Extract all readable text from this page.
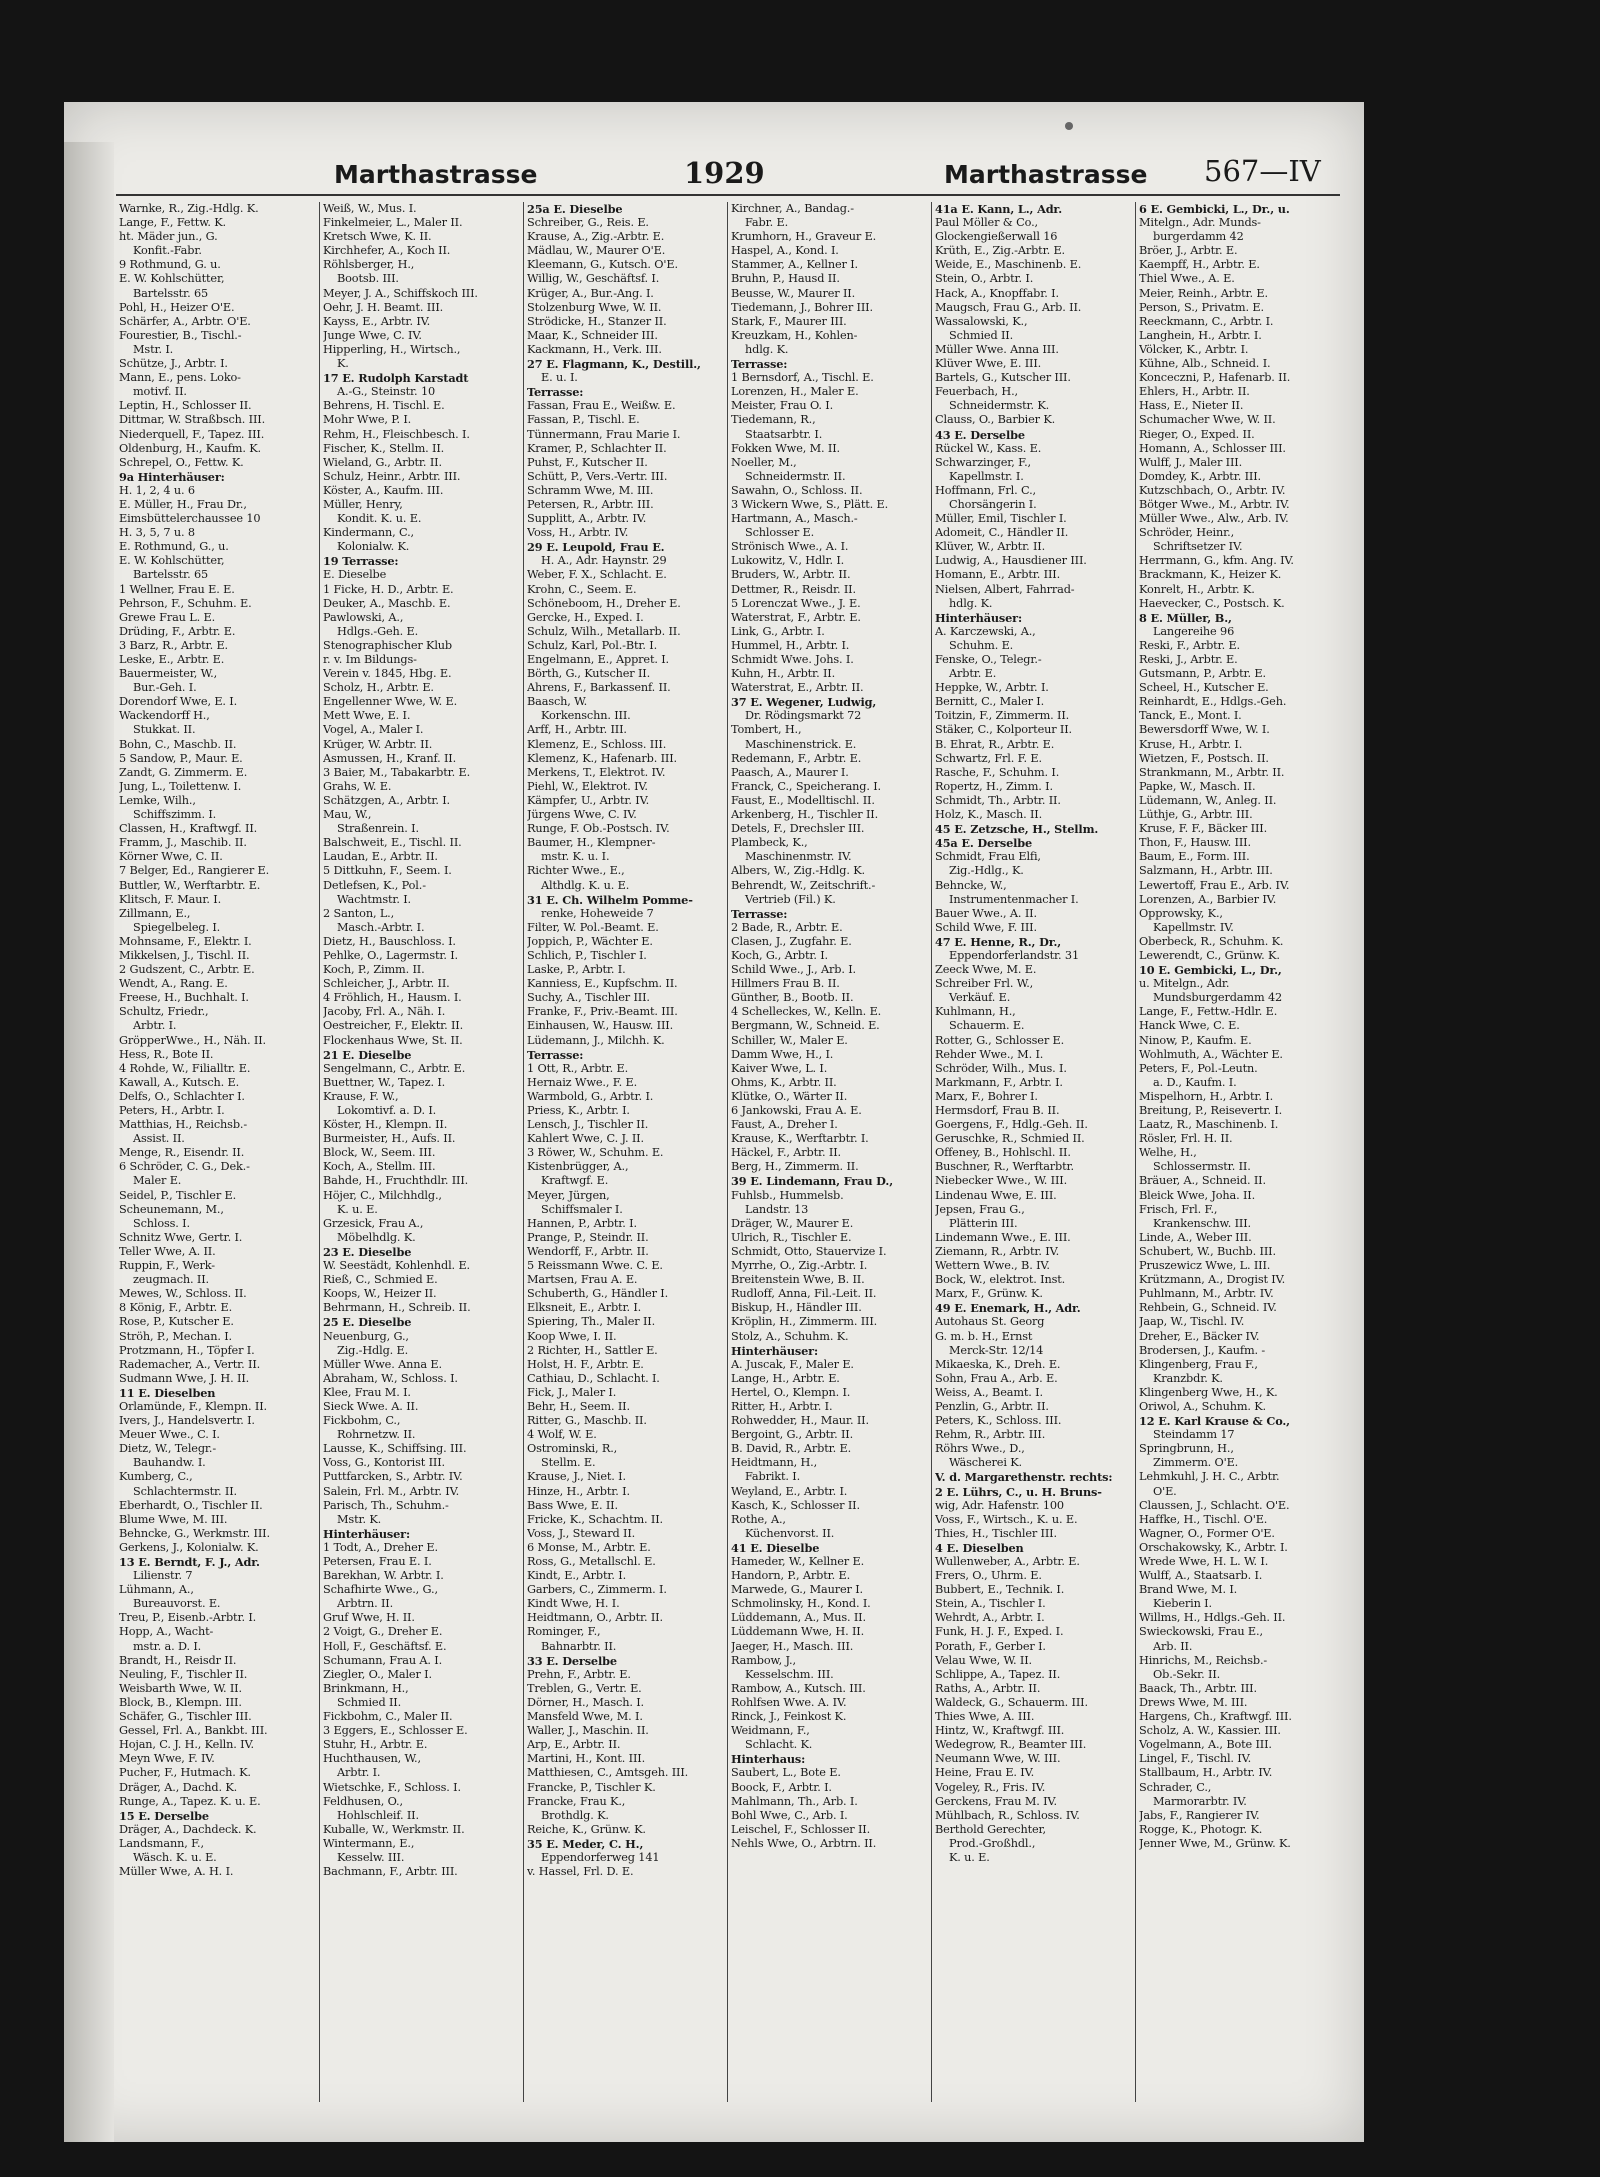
Marthastrasse	1929	Marthastrasse 567—IV
Warnke, R., Zig.-Hdlg. K.
Lange, F., Fettw. K.
ht. Mäder jun., G.
Konfit.-Fabr.
9 Rothmund, G. u.
E. W. Kohlschütter,
Bartelsstr. 65
Pohl, H., Heizer O'E.
Schärfer, A., Arbtr. O'E.
Fourestier, B., Tischl.-
Mstr. I.
Schütze, J., Arbtr. I.
Mann, E., pens. Loko-
motivf. II.
Leptin, H., Schlosser II.
Dittmar, W. Straßbsch. III.
Niederquell, F., Tapez. III.
Oldenburg, H., Kaufm. K.
Schrepel, O., Fettw. K.
9a Hinterhäuser:
H. 1, 2, 4 u. 6
E. Müller, H., Frau Dr.,
Eimsbüttelerchaussee 10
H. 3, 5, 7 u. 8
E. Rothmund, G., u.
E. W. Kohlschütter,
Bartelsstr. 65
1 Wellner, Frau E. E.
Pehrson, F., Schuhm. E.
Grewe Frau L. E.
Drüding, F., Arbtr. E.
3 Barz, R., Arbtr. E.
Leske, E., Arbtr. E.
Bauermeister, W.,
Bur.-Geh. I.
Dorendorf Wwe, E. I.
Wackendorff H.,
Stukkat. II.
Bohn, C., Maschb. II.
5 Sandow, P., Maur. E.
Zandt, G. Zimmerm. E.
Jung, L., Toilettenw. I.
Lemke, Wilh.,
Schiffszimm. I.
Classen, H., Kraftwgf. II.
Framm, J., Maschib. II.
Körner Wwe, C. II.
7 Belger, Ed., Rangierer E.
Buttler, W., Werftarbtr. E.
Klitsch, F. Maur. I.
Zillmann, E.,
Spiegelbeleg. I.
Mohnsame, F., Elektr. I.
Mikkelsen, J., Tischl. II.
2 Gudszent, C., Arbtr. E.
Wendt, A., Rang. E.
Freese, H., Buchhalt. I.
Schultz, Friedr.,
Arbtr. I.
GröpperWwe., H., Näh. II.
Hess, R., Bote II.
4 Rohde, W., Filialltr. E.
Kawall, A., Kutsch. E.
Delfs, O., Schlachter I.
Peters, H., Arbtr. I.
Matthias, H., Reichsb.-
Assist. II.
Menge, R., Eisendr. II.
6 Schröder, C. G., Dek.-
Maler E.
Seidel, P., Tischler E.
Scheunemann, M.,
Schloss. I.
Schnitz Wwe, Gertr. I.
Teller Wwe, A. II.
Ruppin, F., Werk-
zeugmach. II.
Mewes, W., Schloss. II.
8 König, F., Arbtr. E.
Rose, P., Kutscher E.
Ströh, P., Mechan. I.
Protzmann, H., Töpfer I.
Rademacher, A., Vertr. II.
Sudmann Wwe, J. H. II.
11 E. Dieselben
Orlamünde, F., Klempn. II.
Ivers, J., Handelsvertr. I.
Meuer Wwe., C. I.
Dietz, W., Telegr.-
Bauhandw. I.
Kumberg, C.,
Schlachtermstr. II.
Eberhardt, O., Tischler II.
Blume Wwe, M. III.
Behncke, G., Werkmstr. III.
Gerkens, J., Kolonialw. K.
13 E. Berndt, F. J., Adr.
Lilienstr. 7
Lühmann, A.,
Bureauvorst. E.
Treu, P., Eisenb.-Arbtr. I.
Hopp, A., Wacht-
mstr. a. D. I.
Brandt, H., Reisdr II.
Neuling, F., Tischler II.
Weisbarth Wwe, W. II.
Block, B., Klempn. III.
Schäfer, G., Tischler III.
Gessel, Frl. A., Bankbt. III.
Hojan, C. J. H., Kelln. IV.
Meyn Wwe, F. IV.
Pucher, F., Hutmach. K.
Dräger, A., Dachd. K.
Runge, A., Tapez. K. u. E.
15 E. Derselbe
Dräger, A., Dachdeck. K.
Landsmann, F.,
Wäsch. K. u. E.
Müller Wwe, A. H. I.
Weiß, W., Mus. I.
Finkelmeier, L., Maler II.
Kretsch Wwe, K. II.
Kirchhefer, A., Koch II.
Röhlsberger, H.,
Bootsb. III.
Meyer, J. A., Schiffskoch III.
Oehr, J. H. Beamt. III.
Kayss, E., Arbtr. IV.
Junge Wwe, C. IV.
Hipperling, H., Wirtsch.,
K.
17 E. Rudolph Karstadt
A.-G., Steinstr. 10
Behrens, H. Tischl. E.
Mohr Wwe, P. I.
Rehm, H., Fleischbesch. I.
Fischer, K., Stellm. II.
Wieland, G., Arbtr. II.
Schulz, Heinr., Arbtr. III.
Köster, A., Kaufm. III.
Müller, Henry,
Kondit. K. u. E.
Kindermann, C.,
Kolonialw. K.
19 Terrasse:
E. Dieselbe
1 Ficke, H. D., Arbtr. E.
Deuker, A., Maschb. E.
Pawlowski, A.,
Hdlgs.-Geh. E.
Stenographischer Klub
r. v. Im Bildungs-
Verein v. 1845, Hbg. E.
Scholz, H., Arbtr. E.
Engellenner Wwe, W. E.
Mett Wwe, E. I.
Vogel, A., Maler I.
Krüger, W. Arbtr. II.
Asmussen, H., Kranf. II.
3 Baier, M., Tabakarbtr. E.
Grahs, W. E.
Schätzgen, A., Arbtr. I.
Mau, W.,
Straßenrein. I.
Balschweit, E., Tischl. II.
Laudan, E., Arbtr. II.
5 Dittkuhn, F., Seem. I.
Detlefsen, K., Pol.-
Wachtmstr. I.
2 Santon, L.,
Masch.-Arbtr. I.
Dietz, H., Bauschloss. I.
Pehlke, O., Lagermstr. I.
Koch, P., Zimm. II.
Schleicher, J., Arbtr. II.
4 Fröhlich, H., Hausm. I.
Jacoby, Frl. A., Näh. I.
Oestreicher, F., Elektr. II.
Flockenhaus Wwe, St. II.
21 E. Dieselbe
Sengelmann, C., Arbtr. E.
Buettner, W., Tapez. I.
Krause, F. W.,
Lokomtivf. a. D. I.
Köster, H., Klempn. II.
Burmeister, H., Aufs. II.
Block, W., Seem. III.
Koch, A., Stellm. III.
Bahde, H., Fruchthdlr. III.
Höjer, C., Milchhdlg.,
K. u. E.
Grzesick, Frau A.,
Möbelhdlg. K.
23 E. Dieselbe
W. Seestädt, Kohlenhdl. E.
Rieß, C., Schmied E.
Koops, W., Heizer II.
Behrmann, H., Schreib. II.
25 E. Dieselbe
Neuenburg, G.,
Zig.-Hdlg. E.
Müller Wwe. Anna E.
Abraham, W., Schloss. I.
Klee, Frau M. I.
Sieck Wwe. A. II.
Fickbohm, C.,
Rohrnetzw. II.
Lausse, K., Schiffsing. III.
Voss, G., Kontorist III.
Puttfarcken, S., Arbtr. IV.
Salein, Frl. M., Arbtr. IV.
Parisch, Th., Schuhm.-
Mstr. K.
Hinterhäuser:
1 Todt, A., Dreher E.
Petersen, Frau E. I.
Barekhan, W. Arbtr. I.
Schafhirte Wwe., G.,
Arbtrn. II.
Gruf Wwe, H. II.
2 Voigt, G., Dreher E.
Holl, F., Geschäftsf. E.
Schumann, Frau A. I.
Ziegler, O., Maler I.
Brinkmann, H.,
Schmied II.
Fickbohm, C., Maler II.
3 Eggers, E., Schlosser E.
Stuhr, H., Arbtr. E.
Huchthausen, W.,
Arbtr. I.
Wietschke, F., Schloss. I.
Feldhusen, O.,
Hohlschleif. II.
Kuballe, W., Werkmstr. II.
Wintermann, E.,
Kesselw. III.
Bachmann, F., Arbtr. III.
25a E. Dieselbe
Schreiber, G., Reis. E.
Krause, A., Zig.-Arbtr. E.
Mädlau, W., Maurer O'E.
Kleemann, G., Kutsch. O'E.
Willig, W., Geschäftsf. I.
Krüger, A., Bur.-Ang. I.
Stolzenburg Wwe, W. II.
Strödicke, H., Stanzer II.
Maar, K., Schneider III.
Kackmann, H., Verk. III.
27 E. Flagmann, K., Destill.,
E. u. I.
Terrasse:
Fassan, Frau E., Weißw. E.
Fassan, P., Tischl. E.
Tünnermann, Frau Marie I.
Kramer, P., Schlachter II.
Puhst, F., Kutscher II.
Schütt, P., Vers.-Vertr. III.
Schramm Wwe, M. III.
Petersen, R., Arbtr. III.
Supplitt, A., Arbtr. IV.
Voss, H., Arbtr. IV.
29 E. Leupold, Frau E.
H. A., Adr. Haynstr. 29
Weber, F. X., Schlacht. E.
Krohn, C., Seem. E.
Schöneboom, H., Dreher E.
Gercke, H., Exped. I.
Schulz, Wilh., Metallarb. II.
Schulz, Karl, Pol.-Btr. I.
Engelmann, E., Appret. I.
Börth, G., Kutscher II.
Ahrens, F., Barkassenf. II.
Baasch, W.
Korkenschn. III.
Arff, H., Arbtr. III.
Klemenz, E., Schloss. III.
Klemenz, K., Hafenarb. III.
Merkens, T., Elektrot. IV.
Piehl, W., Elektrot. IV.
Kämpfer, U., Arbtr. IV.
Jürgens Wwe, C. IV.
Runge, F. Ob.-Postsch. IV.
Baumer, H., Klempner-
mstr. K. u. I.
Richter Wwe., E.,
Althdlg. K. u. E.
31 E. Ch. Wilhelm Pomme-
renke, Hoheweide 7
Filter, W. Pol.-Beamt. E.
Joppich, P., Wächter E.
Schlich, P., Tischler I.
Laske, P., Arbtr. I.
Kanniess, E., Kupfschm. II.
Suchy, A., Tischler III.
Franke, F., Priv.-Beamt. III.
Einhausen, W., Hausw. III.
Lüdemann, J., Milchh. K.
Terrasse:
1 Ott, R., Arbtr. E.
Hernaiz Wwe., F. E.
Warmbold, G., Arbtr. I.
Priess, K., Arbtr. I.
Lensch, J., Tischler II.
Kahlert Wwe, C. J. II.
3 Röwer, W., Schuhm. E.
Kistenbrügger, A.,
Kraftwgf. E.
Meyer, Jürgen,
Schiffsmaler I.
Hannen, P., Arbtr. I.
Prange, P., Steindr. II.
Wendorff, F., Arbtr. II.
5 Reissmann Wwe. C. E.
Martsen, Frau A. E.
Schuberth, G., Händler I.
Elksneit, E., Arbtr. I.
Spiering, Th., Maler II.
Koop Wwe, I. II.
2 Richter, H., Sattler E.
Holst, H. F., Arbtr. E.
Cathiau, D., Schlacht. I.
Fick, J., Maler I.
Behr, H., Seem. II.
Ritter, G., Maschb. II.
4 Wolf, W. E.
Ostrominski, R.,
Stellm. E.
Krause, J., Niet. I.
Hinze, H., Arbtr. I.
Bass Wwe, E. II.
Fricke, K., Schachtm. II.
Voss, J., Steward II.
6 Monse, M., Arbtr. E.
Ross, G., Metallschl. E.
Kindt, E., Arbtr. I.
Garbers, C., Zimmerm. I.
Kindt Wwe, H. I.
Heidtmann, O., Arbtr. II.
Rominger, F.,
Bahnarbtr. II.
33 E. Derselbe
Prehn, F., Arbtr. E.
Treblen, G., Vertr. E.
Dörner, H., Masch. I.
Mansfeld Wwe, M. I.
Waller, J., Maschin. II.
Arp, E., Arbtr. II.
Martini, H., Kont. III.
Matthiesen, C., Amtsgeh. III.
Francke, P., Tischler K.
Francke, Frau K.,
Brothdlg. K.
Reiche, K., Grünw. K.
35 E. Meder, C. H.,
Eppendorferweg 141
v. Hassel, Frl. D. E.
Kirchner, A., Bandag.-
Fabr. E.
Krumhorn, H., Graveur E.
Haspel, A., Kond. I.
Stammer, A., Kellner I.
Bruhn, P., Hausd II.
Beusse, W., Maurer II.
Tiedemann, J., Bohrer III.
Stark, F., Maurer III.
Kreuzkam, H., Kohlen-
hdlg. K.
Terrasse:
1 Bernsdorf, A., Tischl. E.
Lorenzen, H., Maler E.
Meister, Frau O. I.
Tiedemann, R.,
Staatsarbtr. I.
Fokken Wwe, M. II.
Noeller, M.,
Schneidermstr. II.
Sawahn, O., Schloss. II.
3 Wickern Wwe, S., Plätt. E.
Hartmann, A., Masch.-
Schlosser E.
Strönisch Wwe., A. I.
Lukowitz, V., Hdlr. I.
Bruders, W., Arbtr. II.
Dettmer, R., Reisdr. II.
5 Lorenczat Wwe., J. E.
Waterstrat, F., Arbtr. E.
Link, G., Arbtr. I.
Hummel, H., Arbtr. I.
Schmidt Wwe. Johs. I.
Kuhn, H., Arbtr. II.
Waterstrat, E., Arbtr. II.
37 E. Wegener, Ludwig,
Dr. Rödingsmarkt 72
Tombert, H.,
Maschinenstrick. E.
Redemann, F., Arbtr. E.
Paasch, A., Maurer I.
Franck, C., Speicherang. I.
Faust, E., Modelltischl. II.
Arkenberg, H., Tischler II.
Detels, F., Drechsler III.
Plambeck, K.,
Maschinenmstr. IV.
Albers, W., Zig.-Hdlg. K.
Behrendt, W., Zeitschrift.-
Vertrieb (Fil.) K.
Terrasse:
2 Bade, R., Arbtr. E.
Clasen, J., Zugfahr. E.
Koch, G., Arbtr. I.
Schild Wwe., J., Arb. I.
Hillmers Frau B. II.
Günther, B., Bootb. II.
4 Schelleckes, W., Kelln. E.
Bergmann, W., Schneid. E.
Schiller, W., Maler E.
Damm Wwe, H., I.
Kaiver Wwe, L. I.
Ohms, K., Arbtr. II.
Klütke, O., Wärter II.
6 Jankowski, Frau A. E.
Faust, A., Dreher I.
Krause, K., Werftarbtr. I.
Häckel, F., Arbtr. II.
Berg, H., Zimmerm. II.
39 E. Lindemann, Frau D.,
Fuhlsb., Hummelsb.
Landstr. 13
Dräger, W., Maurer E.
Ulrich, R., Tischler E.
Schmidt, Otto, Stauervize I.
Myrrhe, O., Zig.-Arbtr. I.
Breitenstein Wwe, B. II.
Rudloff, Anna, Fil.-Leit. II.
Biskup, H., Händler III.
Kröplin, H., Zimmerm. III.
Stolz, A., Schuhm. K.
Hinterhäuser:
A. Juscak, F., Maler E.
Lange, H., Arbtr. E.
Hertel, O., Klempn. I.
Ritter, H., Arbtr. I.
Rohwedder, H., Maur. II.
Bergoint, G., Arbtr. II.
B. David, R., Arbtr. E.
Heidtmann, H.,
Fabrikt. I.
Weyland, E., Arbtr. I.
Kasch, K., Schlosser II.
Rothe, A.,
Küchenvorst. II.
41 E. Dieselbe
Hameder, W., Kellner E.
Handorn, P., Arbtr. E.
Marwede, G., Maurer I.
Schmolinsky, H., Kond. I.
Lüddemann, A., Mus. II.
Lüddemann Wwe, H. II.
Jaeger, H., Masch. III.
Rambow, J.,
Kesselschm. III.
Rambow, A., Kutsch. III.
Rohlfsen Wwe. A. IV.
Rinck, J., Feinkost K.
Weidmann, F.,
Schlacht. K.
Hinterhaus:
Saubert, L., Bote E.
Boock, F., Arbtr. I.
Mahlmann, Th., Arb. I.
Bohl Wwe, C., Arb. I.
Leischel, F., Schlosser II.
Nehls Wwe, O., Arbtrn. II.
41a E. Kann, L., Adr.
Paul Möller & Co.,
Glockengießerwall 16
Krüth, E., Zig.-Arbtr. E.
Weide, E., Maschinenb. E.
Stein, O., Arbtr. I.
Hack, A., Knopffabr. I.
Maugsch, Frau G., Arb. II.
Wassalowski, K.,
Schmied II.
Müller Wwe. Anna III.
Klüver Wwe, E. III.
Bartels, G., Kutscher III.
Feuerbach, H.,
Schneidermstr. K.
Clauss, O., Barbier K.
43 E. Derselbe
Rückel W., Kass. E.
Schwarzinger, F.,
Kapellmstr. I.
Hoffmann, Frl. C.,
Chorsängerin I.
Müller, Emil, Tischler I.
Adomeit, C., Händler II.
Klüver, W., Arbtr. II.
Ludwig, A., Hausdiener III.
Homann, E., Arbtr. III.
Nielsen, Albert, Fahrrad-
hdlg. K.
Hinterhäuser:
A. Karczewski, A.,
Schuhm. E.
Fenske, O., Telegr.-
Arbtr. E.
Heppke, W., Arbtr. I.
Bernitt, C., Maler I.
Toitzin, F., Zimmerm. II.
Stäker, C., Kolporteur II.
B. Ehrat, R., Arbtr. E.
Schwartz, Frl. F. E.
Rasche, F., Schuhm. I.
Ropertz, H., Zimm. I.
Schmidt, Th., Arbtr. II.
Holz, K., Masch. II.
45 E. Zetzsche, H., Stellm.
45a E. Derselbe
Schmidt, Frau Elfi,
Zig.-Hdlg., K.
Behncke, W.,
Instrumentenmacher I.
Bauer Wwe., A. II.
Schild Wwe, F. III.
47 E. Henne, R., Dr.,
Eppendorferlandstr. 31
Zeeck Wwe, M. E.
Schreiber Frl. W.,
Verkäuf. E.
Kuhlmann, H.,
Schauerm. E.
Rotter, G., Schlosser E.
Rehder Wwe., M. I.
Schröder, Wilh., Mus. I.
Markmann, F., Arbtr. I.
Marx, F., Bohrer I.
Hermsdorf, Frau B. II.
Goergens, F., Hdlg.-Geh. II.
Geruschke, R., Schmied II.
Offeney, B., Hohlschl. II.
Buschner, R., Werftarbtr.
Niebecker Wwe., W. III.
Lindenau Wwe, E. III.
Jepsen, Frau G.,
Plätterin III.
Lindemann Wwe., E. III.
Ziemann, R., Arbtr. IV.
Wettern Wwe., B. IV.
Bock, W., elektrot. Inst.
Marx, F., Grünw. K.
49 E. Enemark, H., Adr.
Autohaus St. Georg
G. m. b. H., Ernst
Merck-Str. 12/14
Mikaeska, K., Dreh. E.
Sohn, Frau A., Arb. E.
Weiss, A., Beamt. I.
Penzlin, G., Arbtr. II.
Peters, K., Schloss. III.
Rehm, R., Arbtr. III.
Röhrs Wwe., D.,
Wäscherei K.
V. d. Margarethenstr. rechts:
2 E. Lührs, C., u. H. Bruns-
wig, Adr. Hafenstr. 100
Voss, F., Wirtsch., K. u. E.
Thies, H., Tischler III.
4 E. Dieselben
Wullenweber, A., Arbtr. E.
Frers, O., Uhrm. E.
Bubbert, E., Technik. I.
Stein, A., Tischler I.
Wehrdt, A., Arbtr. I.
Funk, H. J. F., Exped. I.
Porath, F., Gerber I.
Velau Wwe, W. II.
Schlippe, A., Tapez. II.
Raths, A., Arbtr. II.
Waldeck, G., Schauerm. III.
Thies Wwe, A. III.
Hintz, W., Kraftwgf. III.
Wedegrow, R., Beamter III.
Neumann Wwe, W. III.
Heine, Frau E. IV.
Vogeley, R., Fris. IV.
Gerckens, Frau M. IV.
Mühlbach, R., Schloss. IV.
Berthold Gerechter,
Prod.-Großhdl.,
K. u. E.
6 E. Gembicki, L., Dr., u.
Mitelgn., Adr. Munds-
burgerdamm 42
Bröer, J., Arbtr. E.
Kaempff, H., Arbtr. E.
Thiel Wwe., A. E.
Meier, Reinh., Arbtr. E.
Person, S., Privatm. E.
Reeckmann, C., Arbtr. I.
Langhein, H., Arbtr. I.
Völcker, K., Arbtr. I.
Kühne, Alb., Schneid. I.
Konceczni, P., Hafenarb. II.
Ehlers, H., Arbtr. II.
Hass, E., Nieter II.
Schumacher Wwe, W. II.
Rieger, O., Exped. II.
Homann, A., Schlosser III.
Wulff, J., Maler III.
Domdey, K., Arbtr. III.
Kutzschbach, O., Arbtr. IV.
Bötger Wwe., M., Arbtr. IV.
Müller Wwe., Alw., Arb. IV.
Schröder, Heinr.,
Schriftsetzer IV.
Herrmann, G., kfm. Ang. IV.
Brackmann, K., Heizer K.
Konrelt, H., Arbtr. K.
Haevecker, C., Postsch. K.
8 E. Müller, B.,
Langereihe 96
Reski, F., Arbtr. E.
Reski, J., Arbtr. E.
Gutsmann, P., Arbtr. E.
Scheel, H., Kutscher E.
Reinhardt, E., Hdlgs.-Geh.
Tanck, E., Mont. I.
Bewersdorff Wwe, W. I.
Kruse, H., Arbtr. I.
Wietzen, F., Postsch. II.
Strankmann, M., Arbtr. II.
Papke, W., Masch. II.
Lüdemann, W., Anleg. II.
Lüthje, G., Arbtr. III.
Kruse, F. F., Bäcker III.
Thon, F., Hausw. III.
Baum, E., Form. III.
Salzmann, H., Arbtr. III.
Lewertoff, Frau E., Arb. IV.
Lorenzen, A., Barbier IV.
Opprowsky, K.,
Kapellmstr. IV.
Oberbeck, R., Schuhm. K.
Lewerendt, C., Grünw. K.
10 E. Gembicki, L., Dr.,
u. Mitelgn., Adr.
Mundsburgerdamm 42
Lange, F., Fettw.-Hdlr. E.
Hanck Wwe, C. E.
Ninow, P., Kaufm. E.
Wohlmuth, A., Wächter E.
Peters, F., Pol.-Leutn.
a. D., Kaufm. I.
Mispelhorn, H., Arbtr. I.
Breitung, P., Reisevertr. I.
Laatz, R., Maschinenb. I.
Rösler, Frl. H. II.
Welhe, H.,
Schlossermstr. II.
Bräuer, A., Schneid. II.
Bleick Wwe, Joha. II.
Frisch, Frl. F.,
Krankenschw. III.
Linde, A., Weber III.
Schubert, W., Buchb. III.
Pruszewicz Wwe, L. III.
Krützmann, A., Drogist IV.
Puhlmann, M., Arbtr. IV.
Rehbein, G., Schneid. IV.
Jaap, W., Tischl. IV.
Dreher, E., Bäcker IV.
Brodersen, J., Kaufm. -
Klingenberg, Frau F.,
Kranzbdr. K.
Klingenberg Wwe, H., K.
Oriwol, A., Schuhm. K.
12 E. Karl Krause & Co.,
Steindamm 17
Springbrunn, H.,
Zimmerm. O'E.
Lehmkuhl, J. H. C., Arbtr.
O'E.
Claussen, J., Schlacht. O'E.
Haffke, H., Tischl. O'E.
Wagner, O., Former O'E.
Orschakowsky, K., Arbtr. I.
Wrede Wwe, H. L. W. I.
Wulff, A., Staatsarb. I.
Brand Wwe, M. I.
Kieberin I.
Willms, H., Hdlgs.-Geh. II.
Swieckowski, Frau E.,
Arb. II.
Hinrichs, M., Reichsb.-
Ob.-Sekr. II.
Baack, Th., Arbtr. III.
Drews Wwe, M. III.
Hargens, Ch., Kraftwgf. III.
Scholz, A. W., Kassier. III.
Vogelmann, A., Bote III.
Lingel, F., Tischl. IV.
Stallbaum, H., Arbtr. IV.
Schrader, C.,
Marmorarbtr. IV.
Jabs, F., Rangierer IV.
Rogge, K., Photogr. K.
Jenner Wwe, M., Grünw. K.
